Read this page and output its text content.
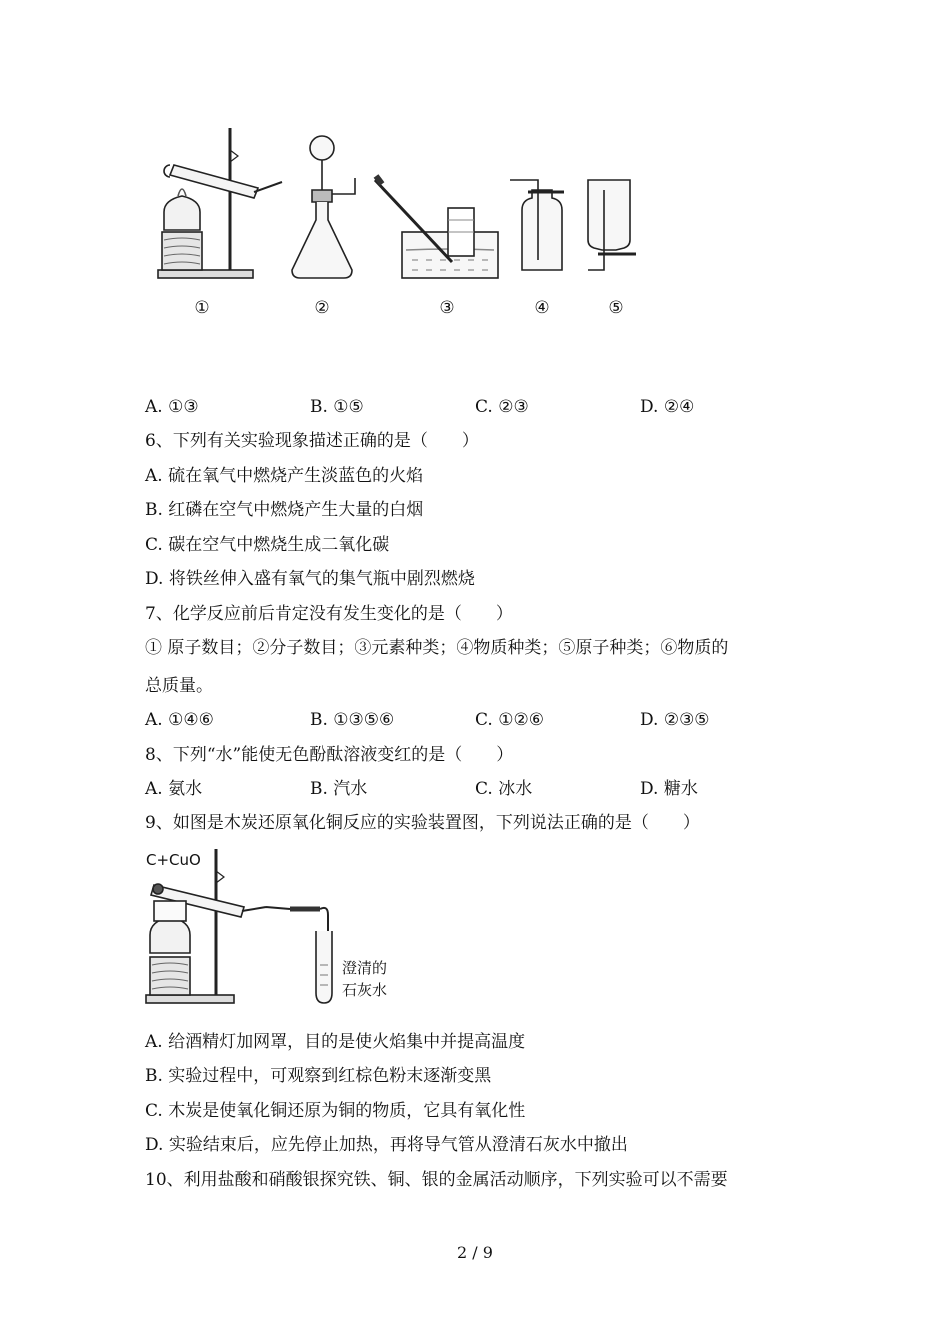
①	②	③	④	⑤
A. ①③	B. ①⑤	C. ②③	D. ②④
6、下列有关实验现象描述正确的是（　　）
A. 硫在氧气中燃烧产生淡蓝色的火焰
B. 红磷在空气中燃烧产生大量的白烟
C. 碳在空气中燃烧生成二氧化碳
D. 将铁丝伸入盛有氧气的集气瓶中剧烈燃烧
7、化学反应前后肯定没有发生变化的是（　　）
① 原子数目；②分子数目；③元素种类；④物质种类；⑤原子种类；⑥物质的
总质量。
A. ①④⑥	B. ①③⑤⑥	C. ①②⑥	D. ②③⑤
8、下列“水”能使无色酚酞溶液变红的是（　　）
A. 氨水	B. 汽水	C. 冰水	D. 糖水
9、如图是木炭还原氧化铜反应的实验装置图，下列说法正确的是（　　）
C+CuO
澄清的
石灰水
A. 给酒精灯加网罩，目的是使火焰集中并提高温度
B. 实验过程中，可观察到红棕色粉末逐渐变黑
C. 木炭是使氧化铜还原为铜的物质，它具有氧化性
D. 实验结束后，应先停止加热，再将导气管从澄清石灰水中撤出
10、利用盐酸和硝酸银探究铁、铜、银的金属活动顺序，下列实验可以不需要
2 / 9
